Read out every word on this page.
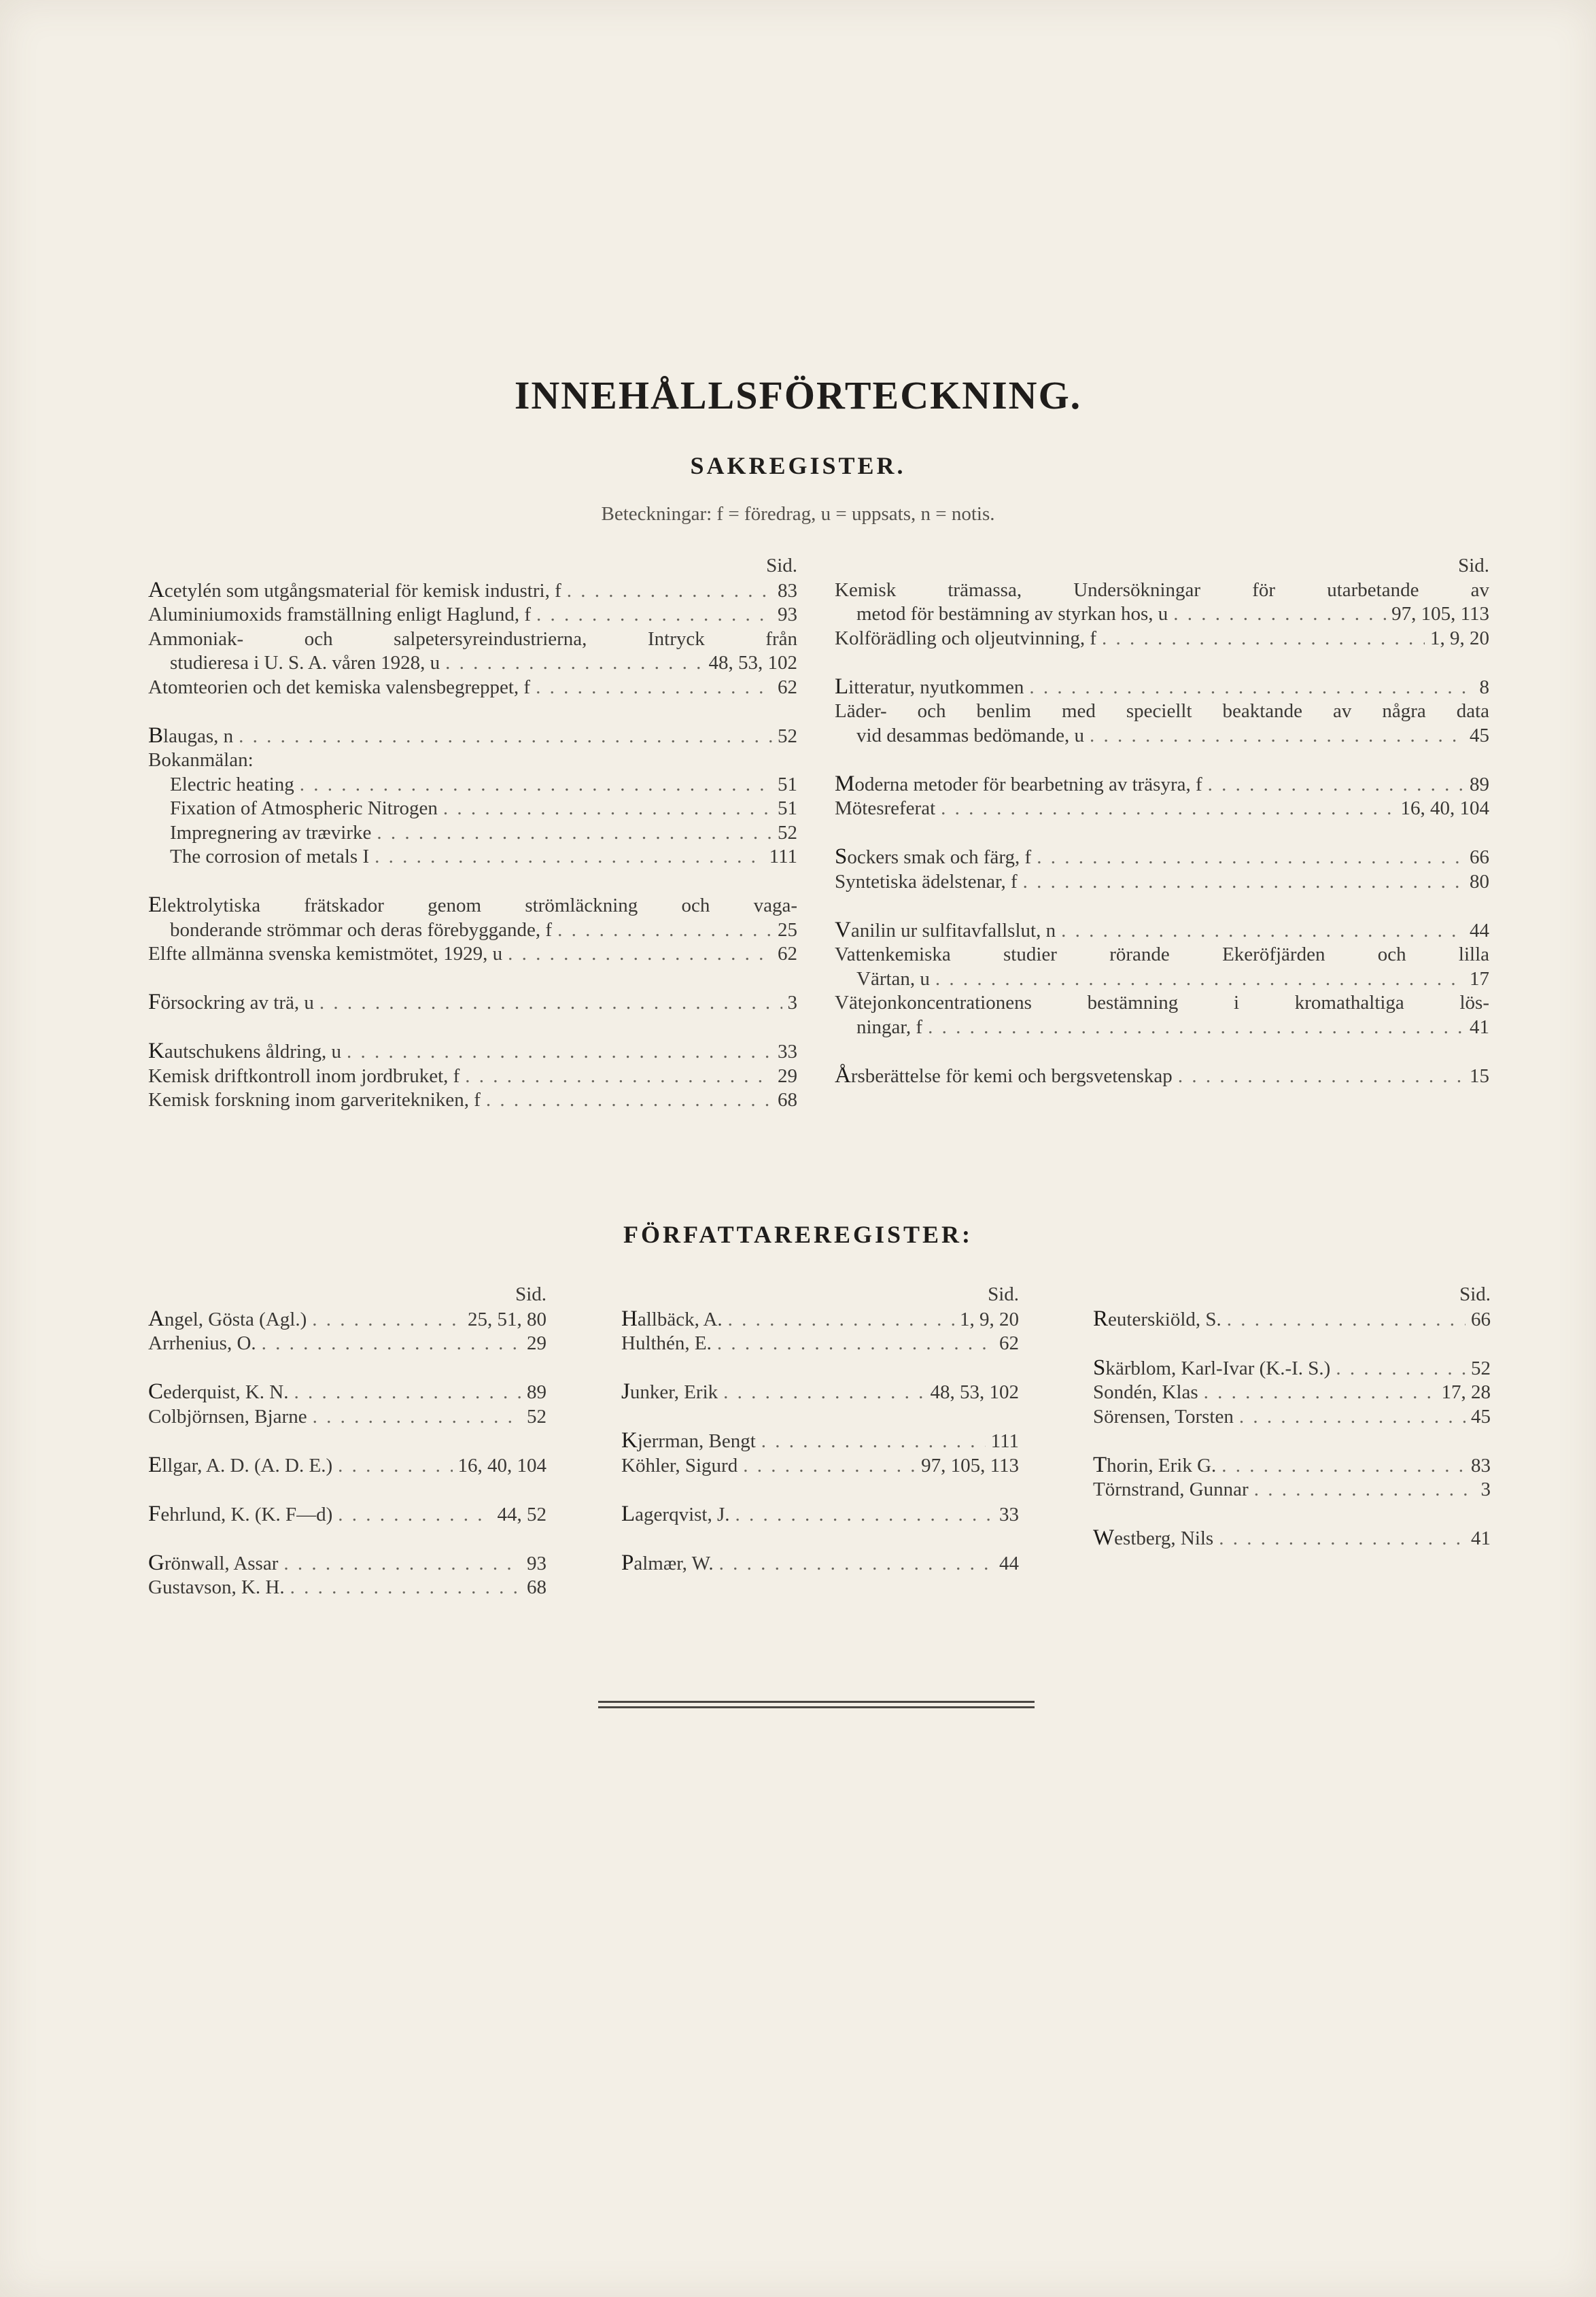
INNEHÅLLSFÖRTECKNING.
SAKREGISTER.
Beteckningar: f = föredrag, u = uppsats, n = notis.
Sid.
Acetylén som utgångsmaterial för kemisk industri, f . . .	83
Aluminiumoxids framställning enligt Haglund, f . . .	93
Ammoniak- och salpetersyreindustrierna, Intryck från
studieresa i U. S. A. våren 1928, u . . .	48, 53, 102
Atomteorien och det kemiska valensbegreppet, f . . .	62
Blaugas, n . . .	52
Bokanmälan:
Electric heating . . .	51
Fixation of Atmospheric Nitrogen . . .	51
Impregnering av trævirke . . .	52
The corrosion of metals I . . .	111
Elektrolytiska frätskador genom strömläckning och vaga-
bonderande strömmar och deras förebyggande, f . . .	25
Elfte allmänna svenska kemistmötet, 1929, u . . .	62
Försockring av trä, u . . .	3
Kautschukens åldring, u . . .	33
Kemisk driftkontroll inom jordbruket, f . . .	29
Kemisk forskning inom garveritekniken, f . . .	68
Sid.
Kemisk trämassa, Undersökningar för utarbetande av
metod för bestämning av styrkan hos, u . . .	97, 105, 113
Kolförädling och oljeutvinning, f . . .	1, 9, 20
Litteratur, nyutkommen . . .	8
Läder- och benlim med speciellt beaktande av några data
vid desammas bedömande, u . . .	45
Moderna metoder för bearbetning av träsyra, f . . .	89
Mötesreferat . . .	16, 40, 104
Sockers smak och färg, f . . .	66
Syntetiska ädelstenar, f . . .	80
Vanilin ur sulfitavfallslut, n . . .	44
Vattenkemiska studier rörande Ekeröfjärden och lilla
Värtan, u . . .	17
Vätejonkoncentrationens bestämning i kromathaltiga lös-
ningar, f . . .	41
Årsberättelse för kemi och bergsvetenskap . . .	15
FÖRFATTAREREGISTER:
Sid.
Angel, Gösta (Agl.) . . .	25, 51, 80
Arrhenius, O. . . .	29
Cederquist, K. N. . . .	89
Colbjörnsen, Bjarne . . .	52
Ellgar, A. D. (A. D. E.) . . .	16, 40, 104
Fehrlund, K. (K. F—d) . . .	44, 52
Grönwall, Assar . . .	93
Gustavson, K. H. . . .	68
Sid.
Hallbäck, A. . . .	1, 9, 20
Hulthén, E. . . .	62
Junker, Erik . . .	48, 53, 102
Kjerrman, Bengt . . .	111
Köhler, Sigurd . . .	97, 105, 113
Lagerqvist, J. . . .	33
Palmær, W. . . .	44
Sid.
Reuterskiöld, S. . . .	66
Skärblom, Karl-Ivar (K.-I. S.) . . .	52
Sondén, Klas . . .	17, 28
Sörensen, Torsten . . .	45
Thorin, Erik G. . . .	83
Törnstrand, Gunnar . . .	3
Westberg, Nils . . .	41
